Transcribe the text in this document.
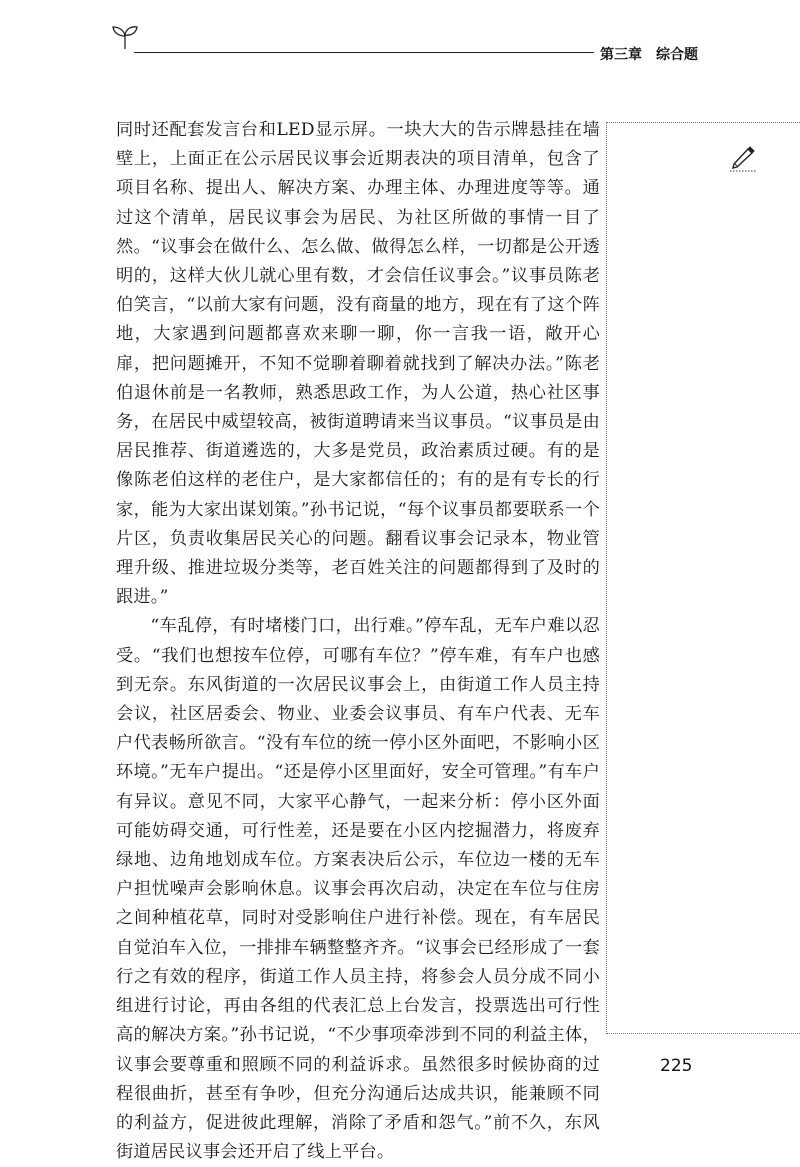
第三章 综合题

同时还配套发言台和LED显示屏。一块大大的告示牌悬挂在墙壁上，上面正在公示居民议事会近期表决的项目清单，包含了项目名称、提出人、解决方案、办理主体、办理进度等等。通过这个清单，居民议事会为居民、为社区所做的事情一目了然。“议事会在做什么、怎么做、做得怎么样，一切都是公开透明的，这样大伙儿就心里有数，才会信任议事会。”议事员陈老伯笑言，“以前大家有问题，没有商量的地方，现在有了这个阵地，大家遇到问题都喜欢来聊一聊，你一言我一语，敞开心扉，把问题摊开，不知不觉聊着聊着就找到了解决办法。”陈老伯退休前是一名教师，熟悉思政工作，为人公道，热心社区事务，在居民中威望较高，被街道聘请来当议事员。“议事员是由居民推荐、街道遴选的，大多是党员，政治素质过硬。有的是像陈老伯这样的老住户，是大家都信任的；有的是有专长的行家，能为大家出谋划策。”孙书记说，“每个议事员都要联系一个片区，负责收集居民关心的问题。翻看议事会记录本，物业管理升级、推进垃圾分类等，老百姓关注的问题都得到了及时的跟进。”

“车乱停，有时堵楼门口，出行难。”停车乱，无车户难以忍受。“我们也想按车位停，可哪有车位？”停车难，有车户也感到无奈。东风街道的一次居民议事会上，由街道工作人员主持会议，社区居委会、物业、业委会议事员、有车户代表、无车户代表畅所欲言。“没有车位的统一停小区外面吧，不影响小区环境。”无车户提出。“还是停小区里面好，安全可管理。”有车户有异议。意见不同，大家平心静气，一起来分析：停小区外面可能妨碍交通，可行性差，还是要在小区内挖掘潜力，将废弃绿地、边角地划成车位。方案表决后公示，车位边一楼的无车户担忧噪声会影响休息。议事会再次启动，决定在车位与住房之间种植花草，同时对受影响住户进行补偿。现在，有车居民自觉泊车入位，一排排车辆整整齐齐。“议事会已经形成了一套行之有效的程序，街道工作人员主持，将参会人员分成不同小组进行讨论，再由各组的代表汇总上台发言，投票选出可行性高的解决方案。”孙书记说，“不少事项牵涉到不同的利益主体，议事会要尊重和照顾不同的利益诉求。虽然很多时候协商的过程很曲折，甚至有争吵，但充分沟通后达成共识，能兼顾不同的利益方，促进彼此理解，消除了矛盾和怨气。”前不久，东风街道居民议事会还开启了线上平台。

225
